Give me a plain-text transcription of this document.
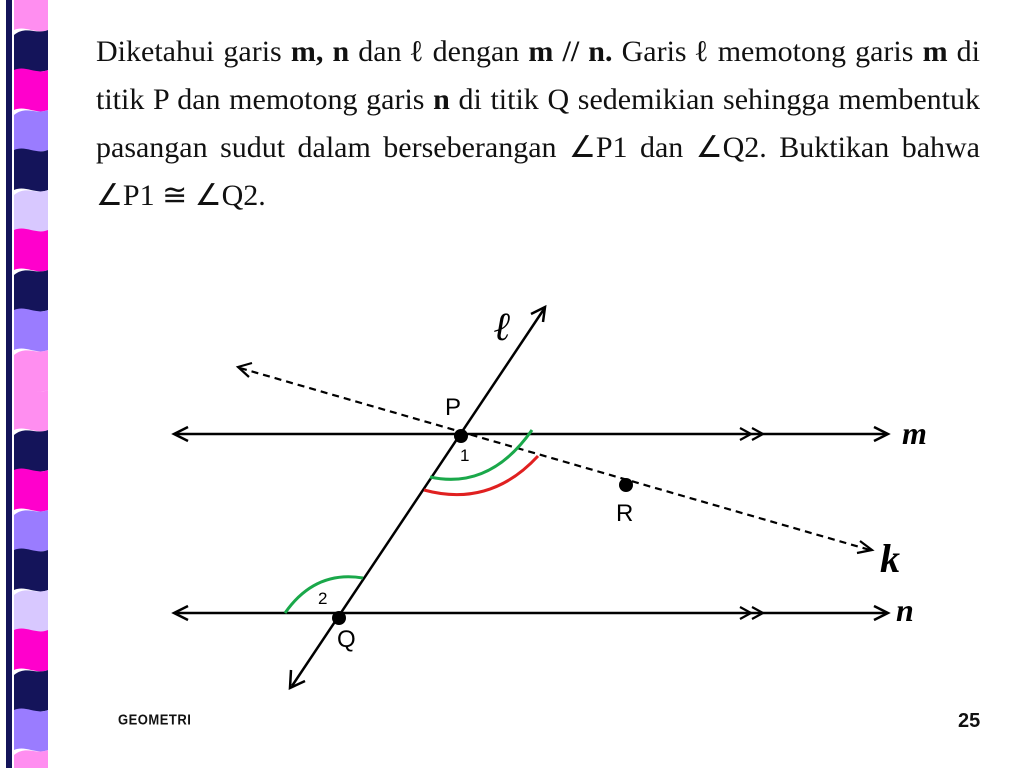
Diketahui garis m, n dan ℓ dengan m // n. Garis ℓ memotong garis m di titik P dan memotong garis n di titik Q sedemikian sehingga membentuk pasangan sudut dalam berseberangan ∠P1 dan ∠Q2. Buktikan bahwa ∠P1 ≅ ∠Q2.
P
Q
R
1
2
ℓ
m
n
k
GEOMETRI	25
